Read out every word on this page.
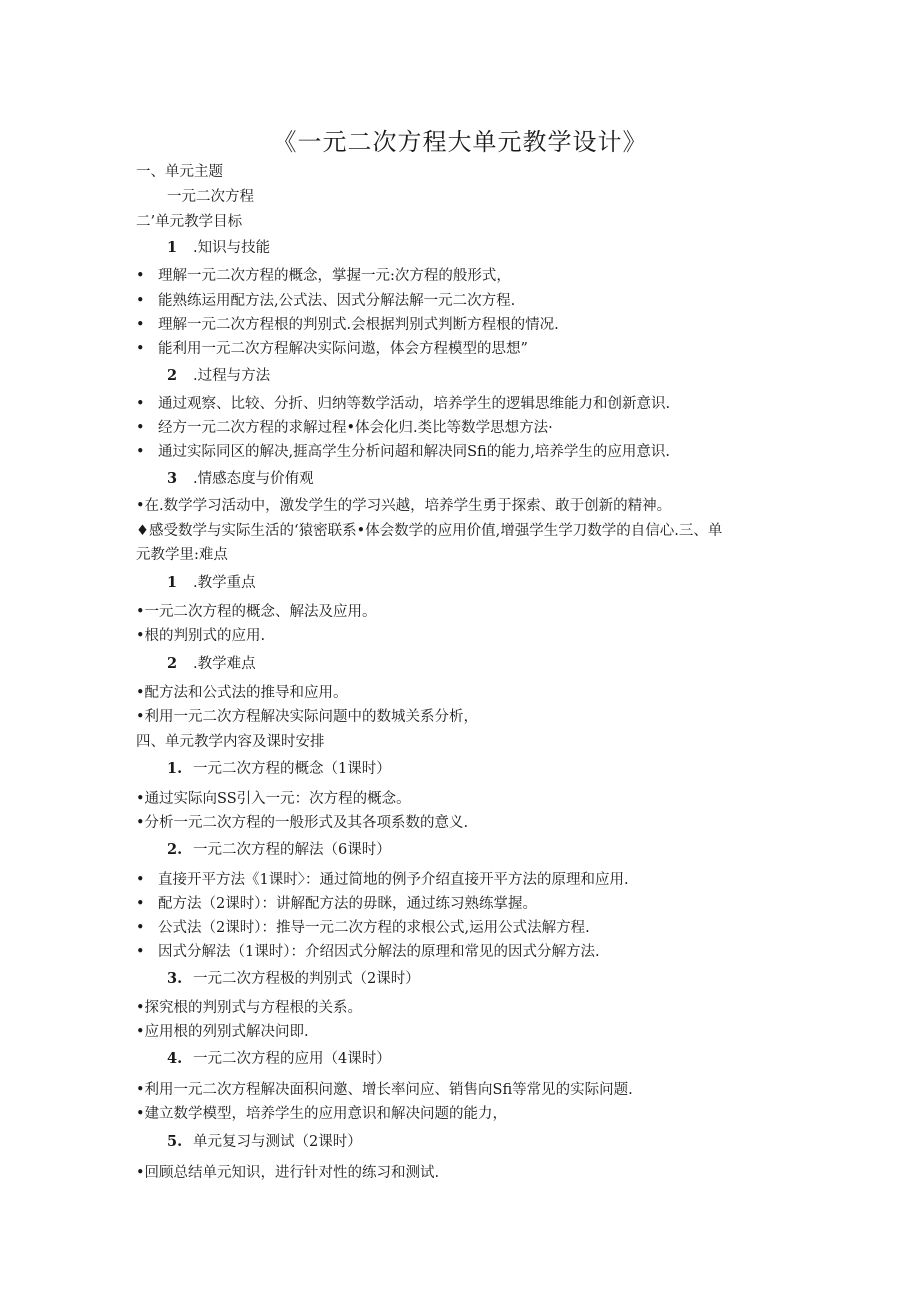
《一元二次方程大单元教学设计》
一、单元主题
一元二次方程
二’单元教学目标
1 .知识与技能
• 理解一元二次方程的概念，掌握一元:次方程的般形式，
• 能熟练运用配方法,公式法、因式分解法解一元二次方程.
• 理解一元二次方程根的判别式.会根据判别式判断方程根的情况.
• 能利用一元二次方程解决实际问遨，体会方程模型的思想”
2 .过程与方法
• 通过观察、比较、分折、归纳等数学活动，培养学生的逻辑思维能力和创新意识.
• 经方一元二次方程的求解过程•体会化归.类比等数学思想方法·
• 通过实际同区的解决,捱高学生分析问超和解决同Sfi的能力,培养学生的应用意识.
3 .情感态度与价侑观
•在.数学学习活动中，激发学生的学习兴越，培养学生勇于探索、敢于创新的精神。
♦感受数学与实际生活的‘猿密联系•体会数学的应用价值,增强学生学刀数学的自信心.三、单
元教学里:难点
1 .教学重点
•一元二次方程的概念、解法及应用。
•根的判别式的应用.
2 .教学难点
•配方法和公式法的推导和应用。
•利用一元二次方程解决实际问题中的数城关系分析，
四、单元教学内容及课时安排
1. 一元二次方程的概念（1课时）
•通过实际向SS引入一元：次方程的概念。
•分析一元二次方程的一般形式及其各项系数的意义.
2. 一元二次方程的解法（6课时）
• 直接开平方法《1课时〉：通过简地的例予介绍直接开平方法的原理和应用.
• 配方法（2课时）：讲解配方法的毋眯，通过练习熟练掌握。
• 公式法（2课时）：推导一元二次方程的求根公式,运用公式法解方程.
• 因式分解法（1课时）：介绍因式分解法的原理和常见的因式分解方法.
3. 一元二次方程极的判别式（2课时）
•探究根的判别式与方程根的关系。
•应用根的列别式解决问即.
4. 一元二次方程的应用（4课时）
•利用一元二次方程解决面积问邀、增长率问应、销售向Sfi等常见的实际问题.
•建立数学模型，培养学生的应用意识和解决问题的能力，
5. 单元复习与测试（2课时）
•回顾总结单元知识，进行针对性的练习和测试.
